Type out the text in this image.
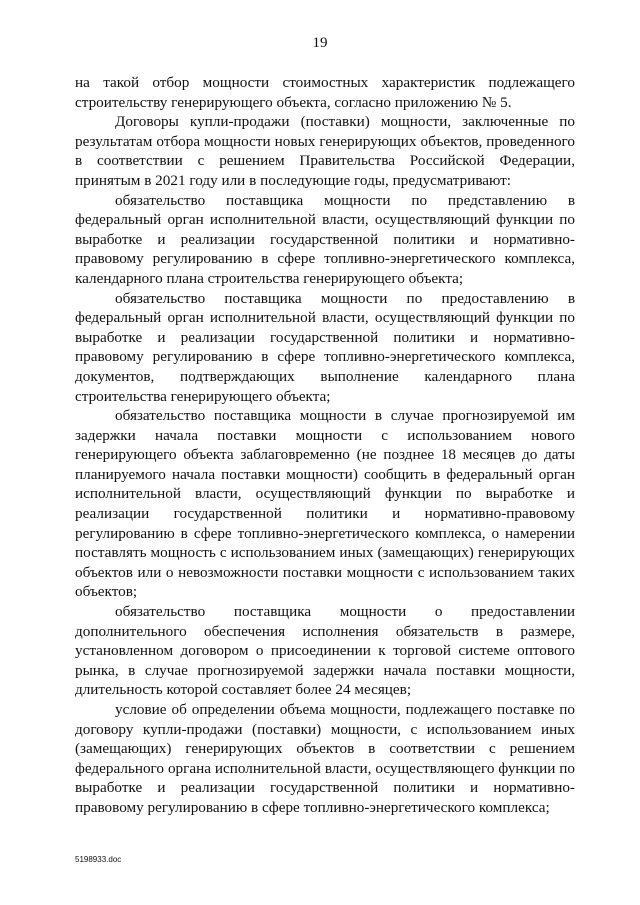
19

на такой отбор мощности стоимостных характеристик подлежащего строительству генерирующего объекта, согласно приложению № 5.

Договоры купли-продажи (поставки) мощности, заключенные по результатам отбора мощности новых генерирующих объектов, проведенного в соответствии с решением Правительства Российской Федерации, принятым в 2021 году или в последующие годы, предусматривают:

обязательство поставщика мощности по представлению в федеральный орган исполнительной власти, осуществляющий функции по выработке и реализации государственной политики и нормативно-правовому регулированию в сфере топливно-энергетического комплекса, календарного плана строительства генерирующего объекта;

обязательство поставщика мощности по предоставлению в федеральный орган исполнительной власти, осуществляющий функции по выработке и реализации государственной политики и нормативно-правовому регулированию в сфере топливно-энергетического комплекса, документов, подтверждающих выполнение календарного плана строительства генерирующего объекта;

обязательство поставщика мощности в случае прогнозируемой им задержки начала поставки мощности с использованием нового генерирующего объекта заблаговременно (не позднее 18 месяцев до даты планируемого начала поставки мощности) сообщить в федеральный орган исполнительной власти, осуществляющий функции по выработке и реализации государственной политики и нормативно-правовому регулированию в сфере топливно-энергетического комплекса, о намерении поставлять мощность с использованием иных (замещающих) генерирующих объектов или о невозможности поставки мощности с использованием таких объектов;

обязательство поставщика мощности о предоставлении дополнительного обеспечения исполнения обязательств в размере, установленном договором о присоединении к торговой системе оптового рынка, в случае прогнозируемой задержки начала поставки мощности, длительность которой составляет более 24 месяцев;

условие об определении объема мощности, подлежащего поставке по договору купли-продажи (поставки) мощности, с использованием иных (замещающих) генерирующих объектов в соответствии с решением федерального органа исполнительной власти, осуществляющего функции по выработке и реализации государственной политики и нормативно-правовому регулированию в сфере топливно-энергетического комплекса;

5198933.doc
